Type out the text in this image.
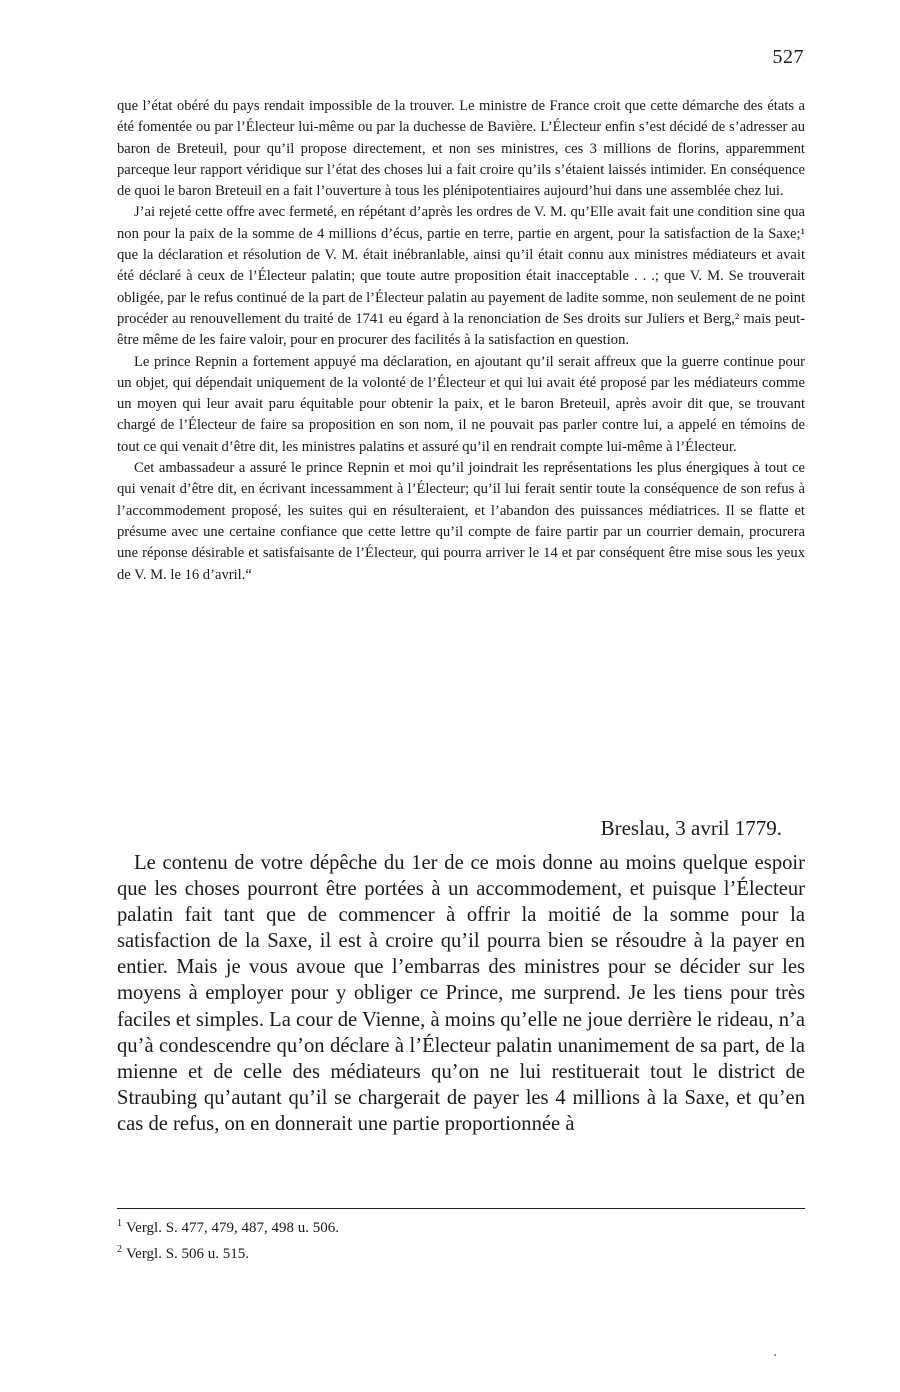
527

que l’état obéré du pays rendait impossible de la trouver. Le ministre de France croit que cette démarche des états a été fomentée ou par l’Électeur lui-même ou par la duchesse de Bavière. L’Électeur enfin s’est décidé de s’adresser au baron de Breteuil, pour qu’il propose directement, et non ses ministres, ces 3 millions de florins, apparemment parceque leur rapport véridique sur l’état des choses lui a fait croire qu’ils s’étaient laissés intimider. En conséquence de quoi le baron Breteuil en a fait l’ouverture à tous les plénipotentiaires aujourd’hui dans une assemblée chez lui.

J’ai rejeté cette offre avec fermeté, en répétant d’après les ordres de V. M. qu’Elle avait fait une condition sine qua non pour la paix de la somme de 4 millions d’écus, partie en terre, partie en argent, pour la satisfaction de la Saxe;¹ que la déclaration et résolution de V. M. était inébranlable, ainsi qu’il était connu aux ministres médiateurs et avait été déclaré à ceux de l’Électeur palatin; que toute autre proposition était inacceptable . . .; que V. M. Se trouverait obligée, par le refus continué de la part de l’Électeur palatin au payement de ladite somme, non seulement de ne point procéder au renouvellement du traité de 1741 eu égard à la renonciation de Ses droits sur Juliers et Berg,² mais peut-être même de les faire valoir, pour en procurer des facilités à la satisfaction en question.

Le prince Repnin a fortement appuyé ma déclaration, en ajoutant qu’il serait affreux que la guerre continue pour un objet, qui dépendait uniquement de la volonté de l’Électeur et qui lui avait été proposé par les médiateurs comme un moyen qui leur avait paru équitable pour obtenir la paix, et le baron Breteuil, après avoir dit que, se trouvant chargé de l’Électeur de faire sa proposition en son nom, il ne pouvait pas parler contre lui, a appelé en témoins de tout ce qui venait d’être dit, les ministres palatins et assuré qu’il en rendrait compte lui-même à l’Électeur.

Cet ambassadeur a assuré le prince Repnin et moi qu’il joindrait les représentations les plus énergiques à tout ce qui venait d’être dit, en écrivant incessamment à l’Électeur; qu’il lui ferait sentir toute la conséquence de son refus à l’accommodement proposé, les suites qui en résulteraient, et l’abandon des puissances médiatrices. Il se flatte et présume avec une certaine confiance que cette lettre qu’il compte de faire partir par un courrier demain, procurera une réponse désirable et satisfaisante de l’Électeur, qui pourra arriver le 14 et par conséquent être mise sous les yeux de V. M. le 16 d’avril.“

Breslau, 3 avril 1779.

Le contenu de votre dépêche du 1er de ce mois donne au moins quelque espoir que les choses pourront être portées à un accommodement, et puisque l’Électeur palatin fait tant que de commencer à offrir la moitié de la somme pour la satisfaction de la Saxe, il est à croire qu’il pourra bien se résoudre à la payer en entier. Mais je vous avoue que l’embarras des ministres pour se décider sur les moyens à employer pour y obliger ce Prince, me surprend. Je les tiens pour très faciles et simples. La cour de Vienne, à moins qu’elle ne joue derrière le rideau, n’a qu’à condescendre qu’on déclare à l’Électeur palatin unanimement de sa part, de la mienne et de celle des médiateurs qu’on ne lui restituerait tout le district de Straubing qu’autant qu’il se chargerait de payer les 4 millions à la Saxe, et qu’en cas de refus, on en donnerait une partie proportionnée à

$^1$ Vergl. S. 477, 479, 487, 498 u. 506.
$^2$ Vergl. S. 506 u. 515.
